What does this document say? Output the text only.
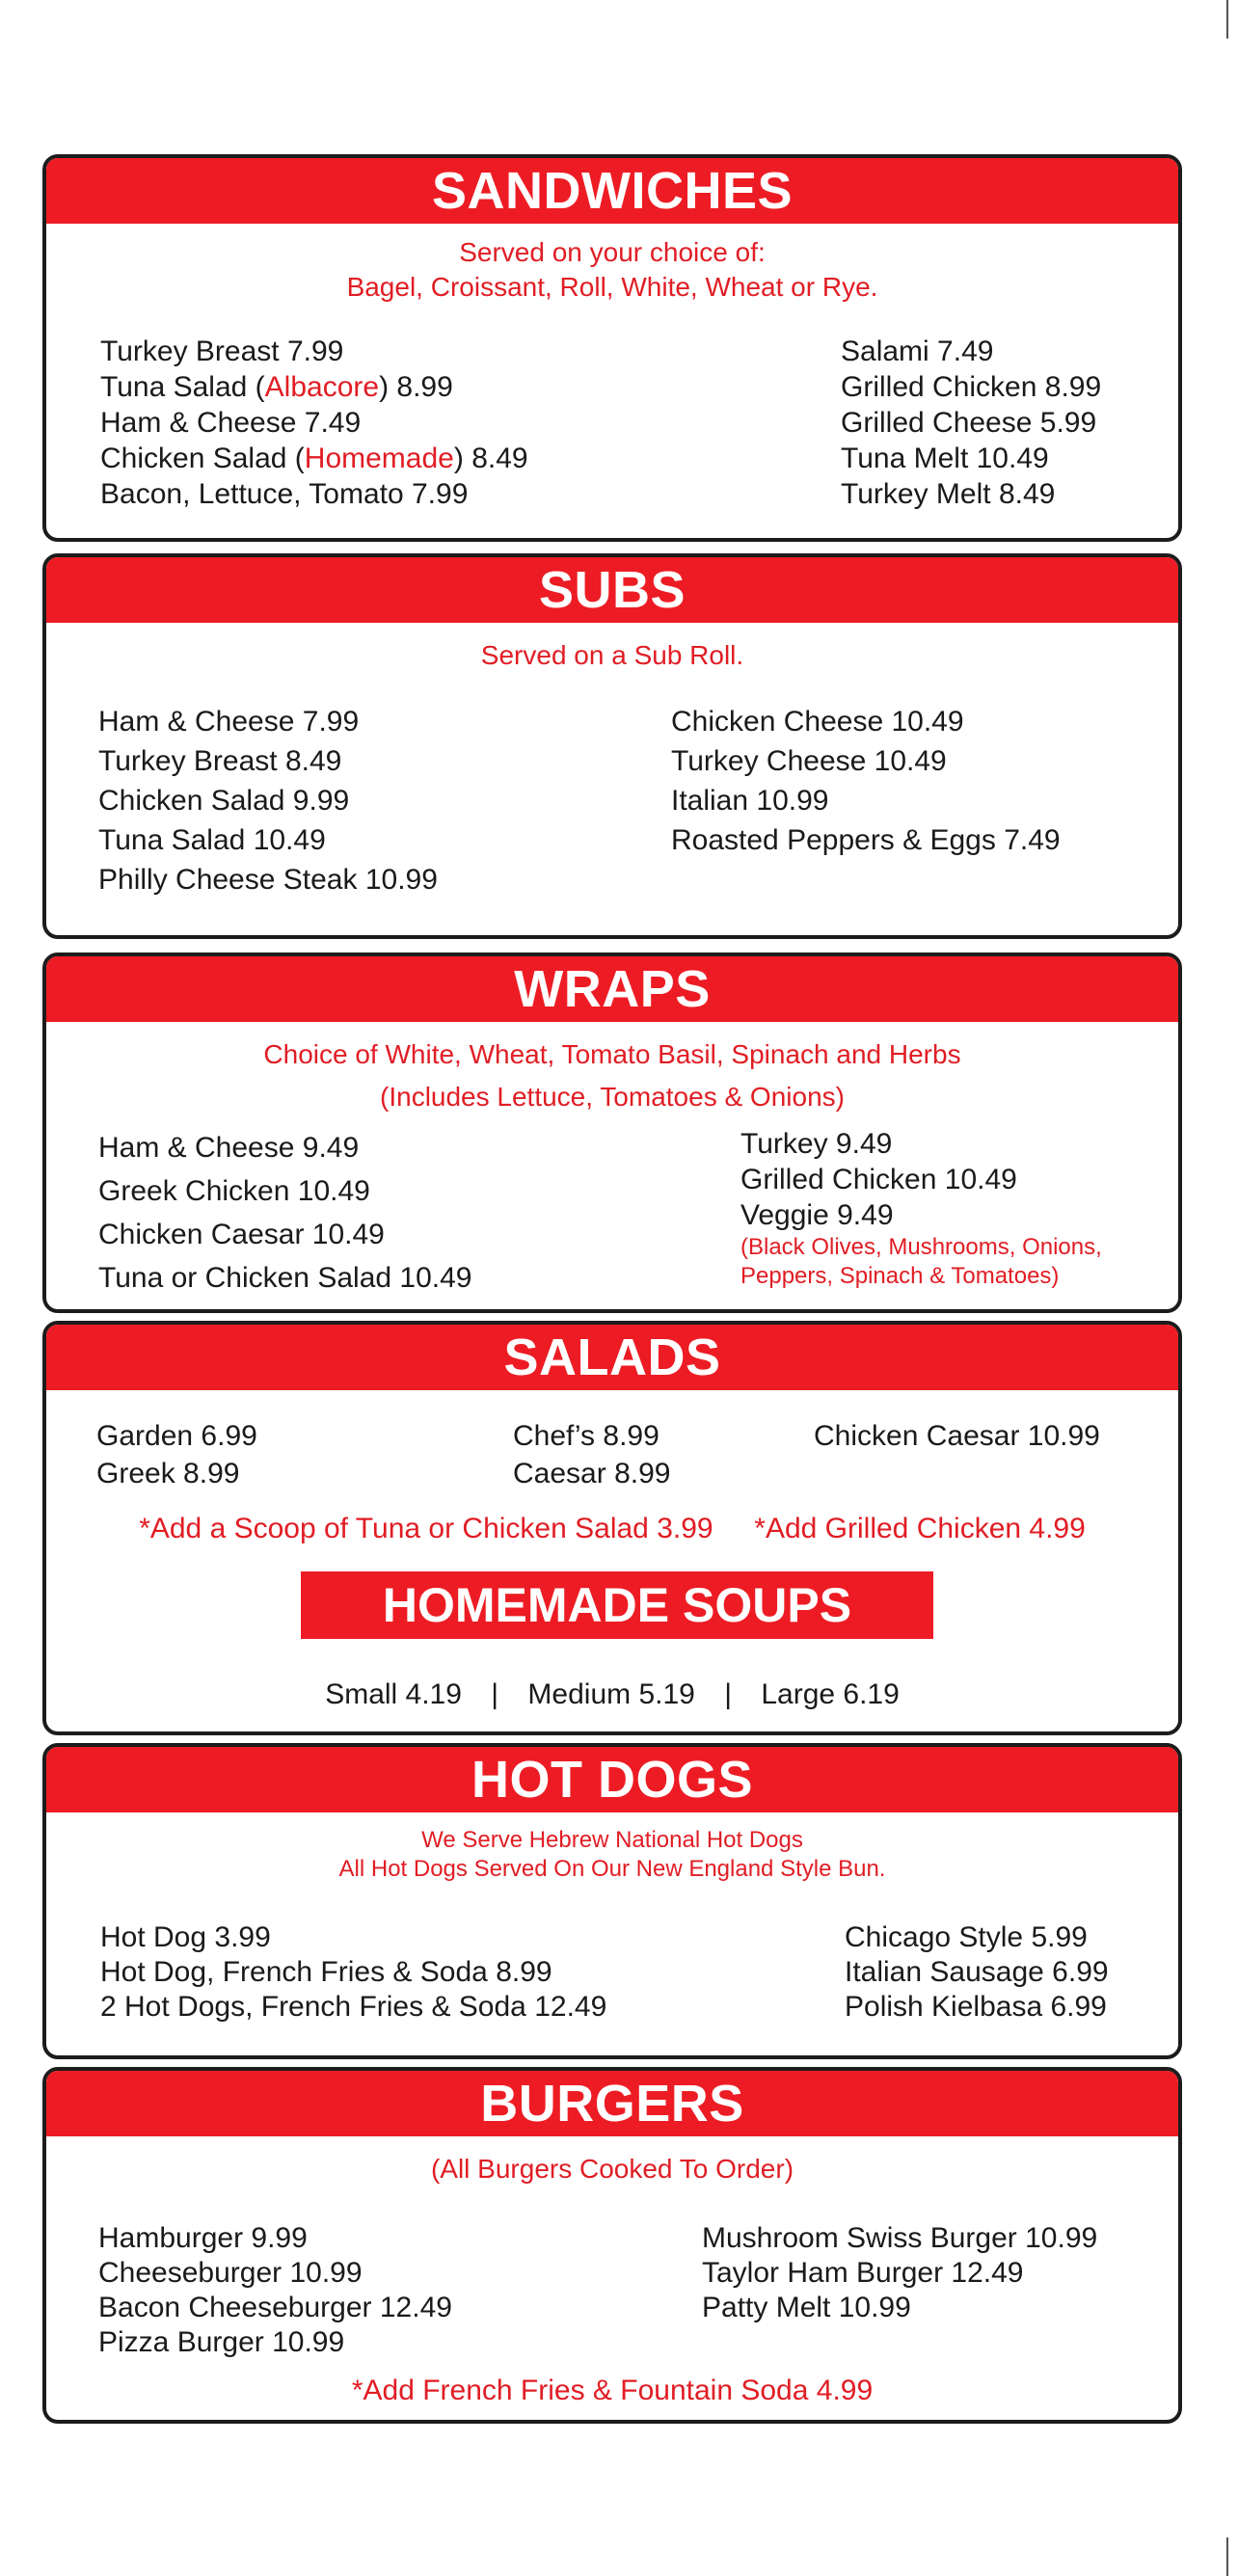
SANDWICHES
Served on your choice of:
Bagel, Croissant, Roll, White, Wheat or Rye.
Turkey Breast 7.99
Tuna Salad (Albacore) 8.99
Ham & Cheese 7.49
Chicken Salad (Homemade) 8.49
Bacon, Lettuce, Tomato 7.99
Salami 7.49
Grilled Chicken 8.99
Grilled Cheese 5.99
Tuna Melt 10.49
Turkey Melt 8.49
SUBS
Served on a Sub Roll.
Ham & Cheese 7.99
Turkey Breast 8.49
Chicken Salad 9.99
Tuna Salad 10.49
Philly Cheese Steak 10.99
Chicken Cheese 10.49
Turkey Cheese 10.49
Italian 10.99
Roasted Peppers & Eggs 7.49
WRAPS
Choice of White, Wheat, Tomato Basil, Spinach and Herbs
(Includes Lettuce, Tomatoes & Onions)
Ham & Cheese 9.49
Greek Chicken 10.49
Chicken Caesar 10.49
Tuna or Chicken Salad 10.49
Turkey 9.49
Grilled Chicken 10.49
Veggie 9.49
(Black Olives, Mushrooms, Onions,
Peppers, Spinach & Tomatoes)
SALADS
Garden 6.99
Greek 8.99
Chef’s 8.99
Caesar 8.99
Chicken Caesar 10.99
*Add a Scoop of Tuna or Chicken Salad 3.99 *Add Grilled Chicken 4.99
HOMEMADE SOUPS
Small 4.19 | Medium 5.19 | Large 6.19
HOT DOGS
We Serve Hebrew National Hot Dogs
All Hot Dogs Served On Our New England Style Bun.
Hot Dog 3.99
Hot Dog, French Fries & Soda 8.99
2 Hot Dogs, French Fries & Soda 12.49
Chicago Style 5.99
Italian Sausage 6.99
Polish Kielbasa 6.99
BURGERS
(All Burgers Cooked To Order)
Hamburger 9.99
Cheeseburger 10.99
Bacon Cheeseburger 12.49
Pizza Burger 10.99
Mushroom Swiss Burger 10.99
Taylor Ham Burger 12.49
Patty Melt 10.99
*Add French Fries & Fountain Soda 4.99
